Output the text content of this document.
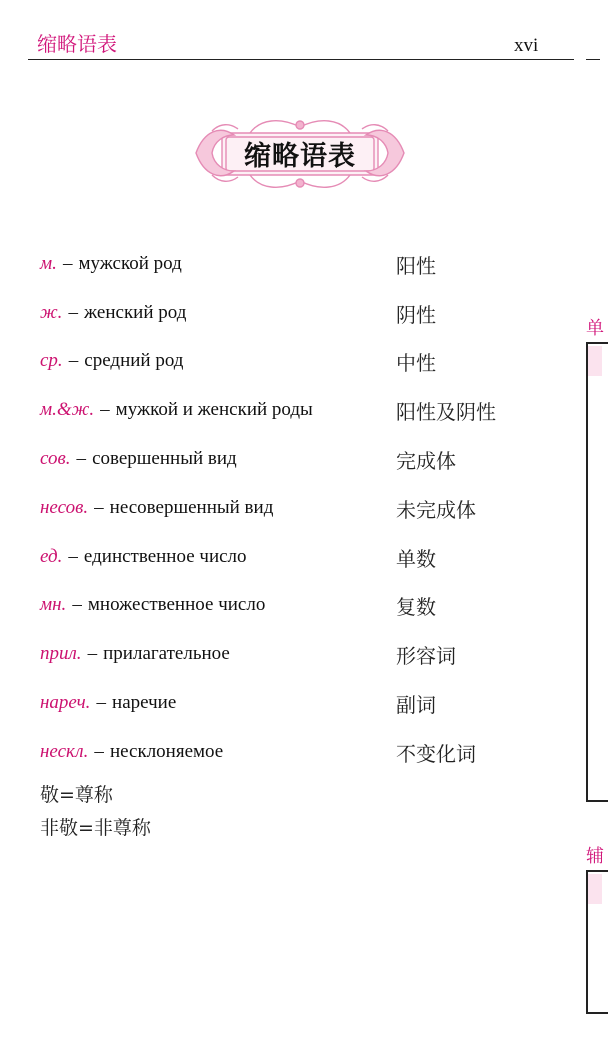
缩略语表	xvi
缩略语表
м. – мужской род	阳性
ж. – женский род	阴性
ср. – средний род	中性
м.&ж. – мужкой и женский роды	阳性及阴性
сов. – совершенный вид	完成体
несов. – несовершенный вид	未完成体
ед. – единственное число	单数
мн. – множественное число	复数
прил. – прилагательное	形容词
нареч. – наречие	副词
нескл. – несклоняемое	不变化词
敬=尊称
非敬=非尊称
单
辅
